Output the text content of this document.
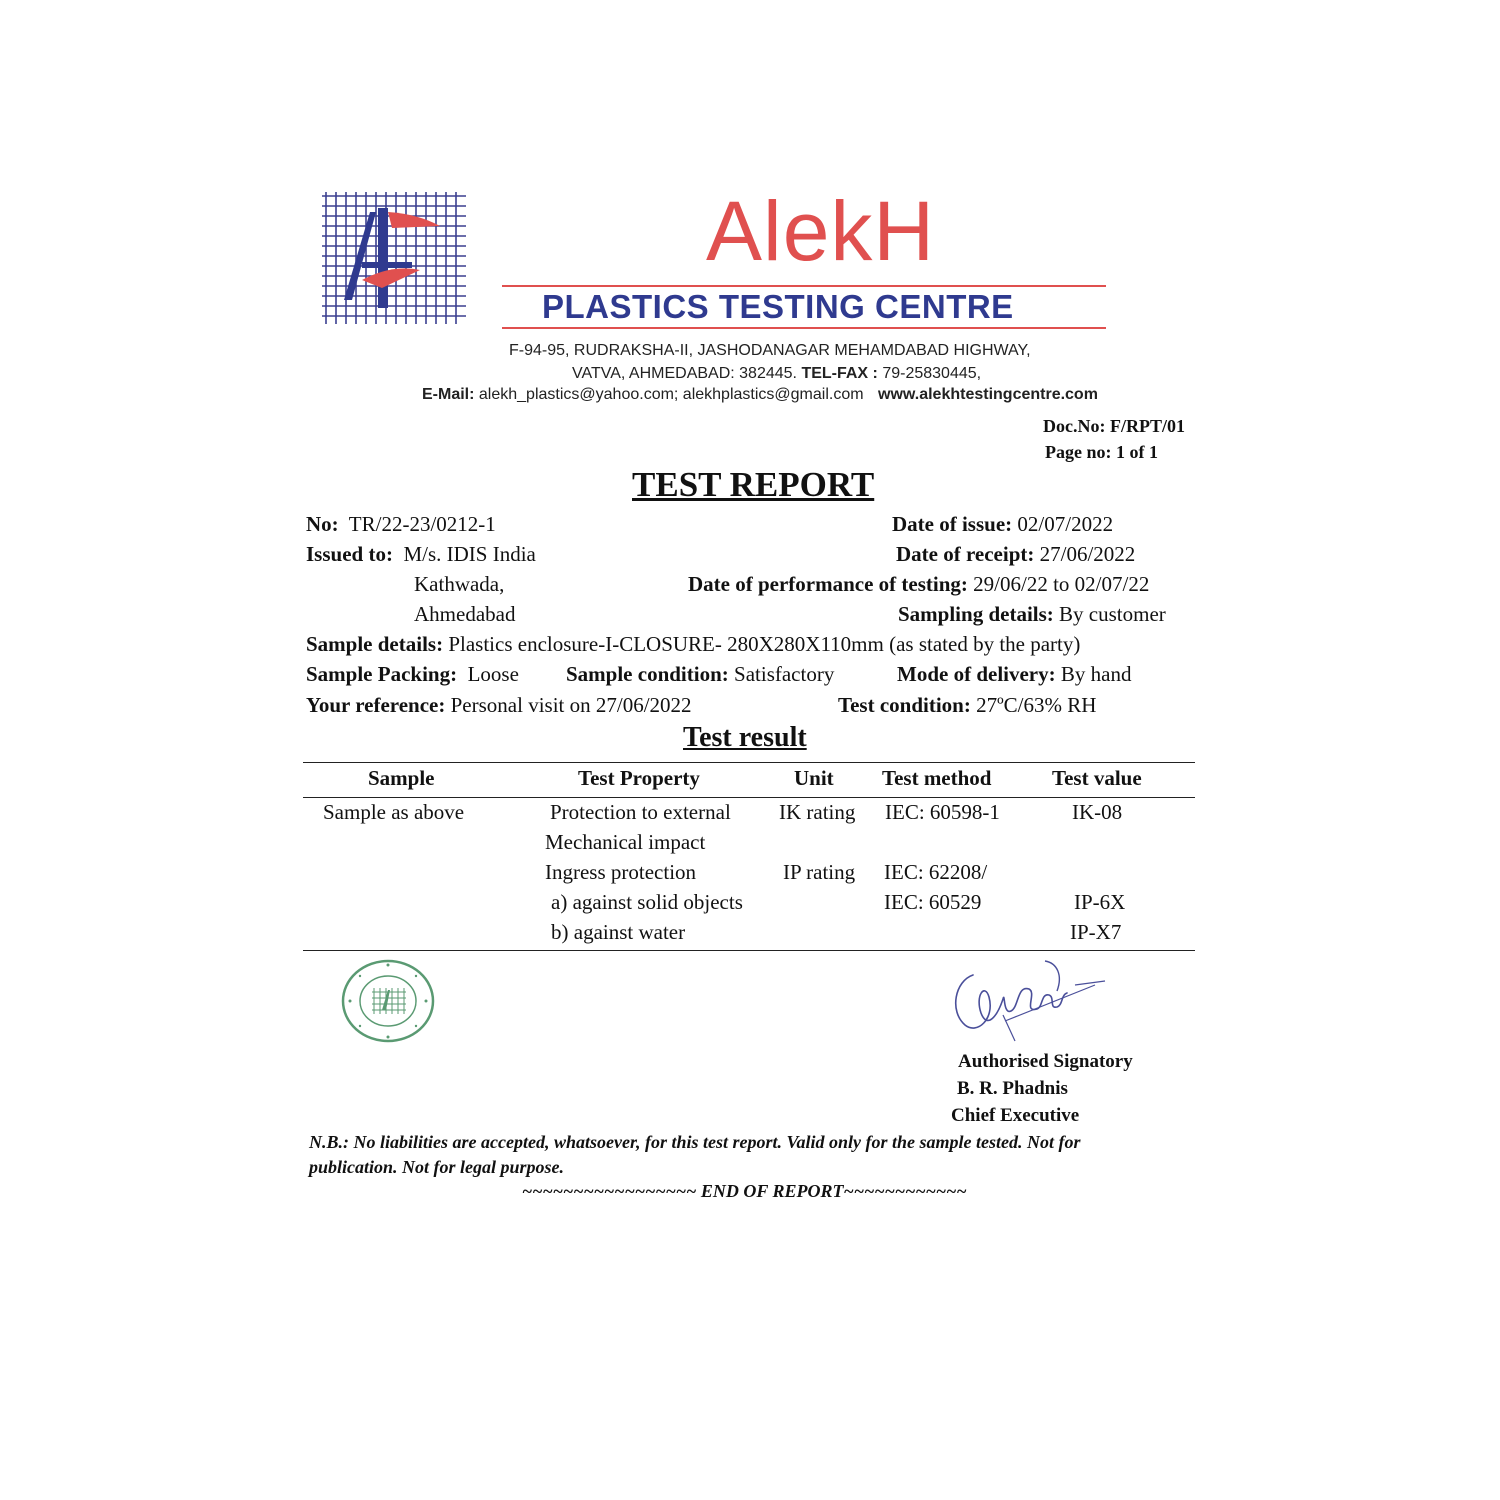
AlekH
PLASTICS TESTING CENTRE
F-94-95, RUDRAKSHA-II, JASHODANAGAR MEHAMDABAD HIGHWAY,
VATVA, AHMEDABAD: 382445. TEL-FAX : 79-25830445,
E-Mail: alekh_plastics@yahoo.com; alekhplastics@gmail.com www.alekhtestingcentre.com
Doc.No: F/RPT/01
Page no: 1 of 1
TEST REPORT
No: TR/22-23/0212-1	Date of issue: 02/07/2022
Issued to: M/s. IDIS India
Kathwada,
Ahmedabad
Date of receipt: 27/06/2022
Date of performance of testing: 29/06/22 to 02/07/22
Sampling details: By customer
Sample details: Plastics enclosure-I-CLOSURE- 280X280X110mm (as stated by the party)
Sample Packing: Loose Sample condition: Satisfactory	Mode of delivery: By hand
Your reference: Personal visit on 27/06/2022	Test condition: 27ºC/63% RH
Test result
Sample	Test Property	Unit Test method	Test value
Sample as above	Protection to external
Mechanical impact
IK rating IEC: 60598-1	IK-08
Ingress protection	IP rating IEC: 62208/
a) against solid objects	IEC: 60529	IP-6X
b) against water	IP-X7
Authorised Signatory
B. R. Phadnis
Chief Executive
N.B.: No liabilities are accepted, whatsoever, for this test report. Valid only for the sample tested. Not for
publication. Not for legal purpose.
~~~~~~~~~~~~~~~~~ END OF REPORT~~~~~~~~~~~~
